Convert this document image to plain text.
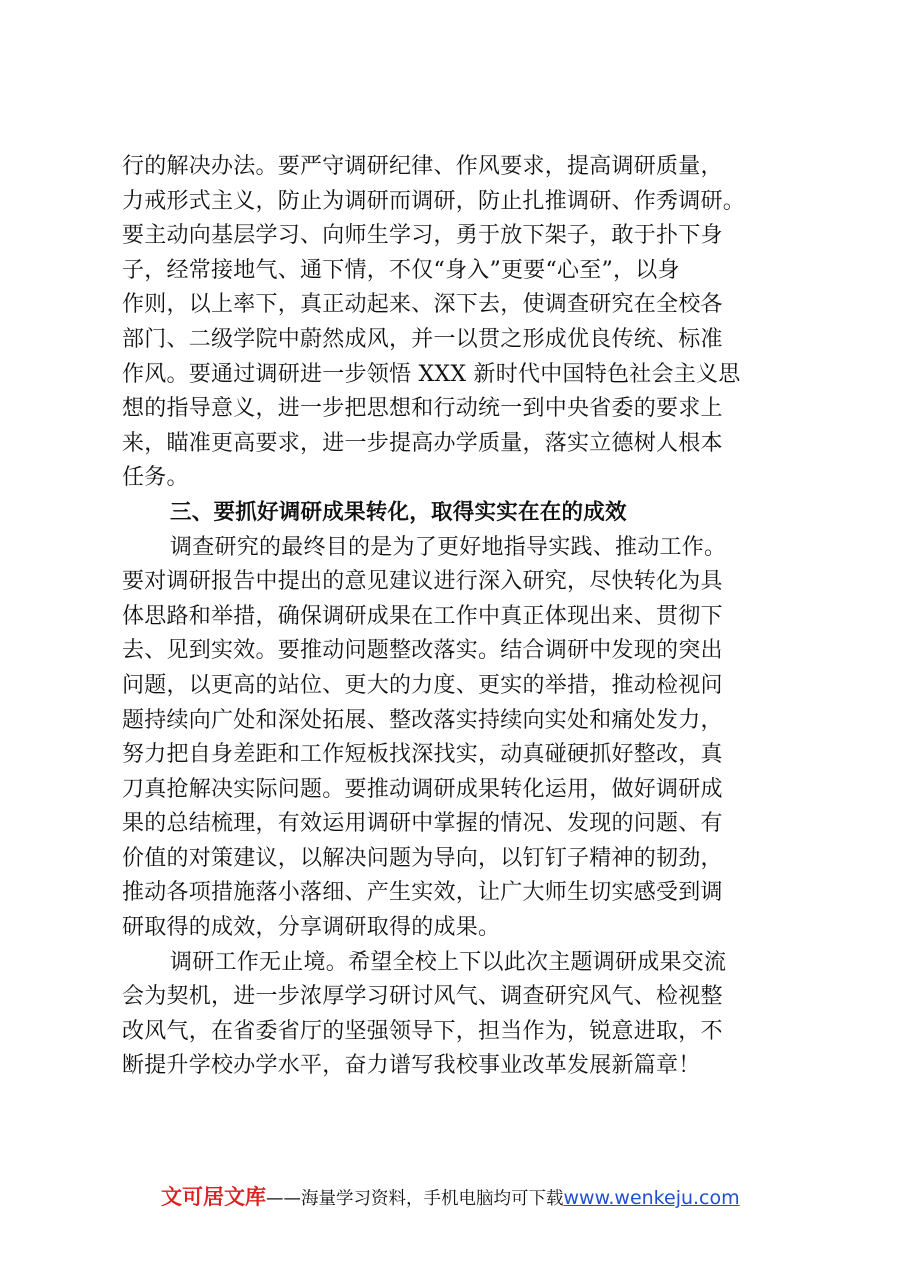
行的解决办法。要严守调研纪律、作风要求，提高调研质量，
力戒形式主义，防止为调研而调研，防止扎推调研、作秀调研。
要主动向基层学习、向师生学习，勇于放下架子，敢于扑下身
子，经常接地气、通下情，不仅“身入”更要“心至”，以身
作则，以上率下，真正动起来、深下去，使调查研究在全校各
部门、二级学院中蔚然成风，并一以贯之形成优良传统、标准
作风。要通过调研进一步领悟 XXX 新时代中国特色社会主义思
想的指导意义，进一步把思想和行动统一到中央省委的要求上
来，瞄准更高要求，进一步提高办学质量，落实立德树人根本
任务。
三、要抓好调研成果转化，取得实实在在的成效
调查研究的最终目的是为了更好地指导实践、推动工作。
要对调研报告中提出的意见建议进行深入研究，尽快转化为具
体思路和举措，确保调研成果在工作中真正体现出来、贯彻下
去、见到实效。要推动问题整改落实。结合调研中发现的突出
问题，以更高的站位、更大的力度、更实的举措，推动检视问
题持续向广处和深处拓展、整改落实持续向实处和痛处发力，
努力把自身差距和工作短板找深找实，动真碰硬抓好整改，真
刀真抢解决实际问题。要推动调研成果转化运用，做好调研成
果的总结梳理，有效运用调研中掌握的情况、发现的问题、有
价值的对策建议，以解决问题为导向，以钉钉子精神的韧劲，
推动各项措施落小落细、产生实效，让广大师生切实感受到调
研取得的成效，分享调研取得的成果。
调研工作无止境。希望全校上下以此次主题调研成果交流
会为契机，进一步浓厚学习研讨风气、调查研究风气、检视整
改风气，在省委省厅的坚强领导下，担当作为，锐意进取，不
断提升学校办学水平，奋力谱写我校事业改革发展新篇章！
文可居文库——海量学习资料，手机电脑均可下载www.wenkeju.com
